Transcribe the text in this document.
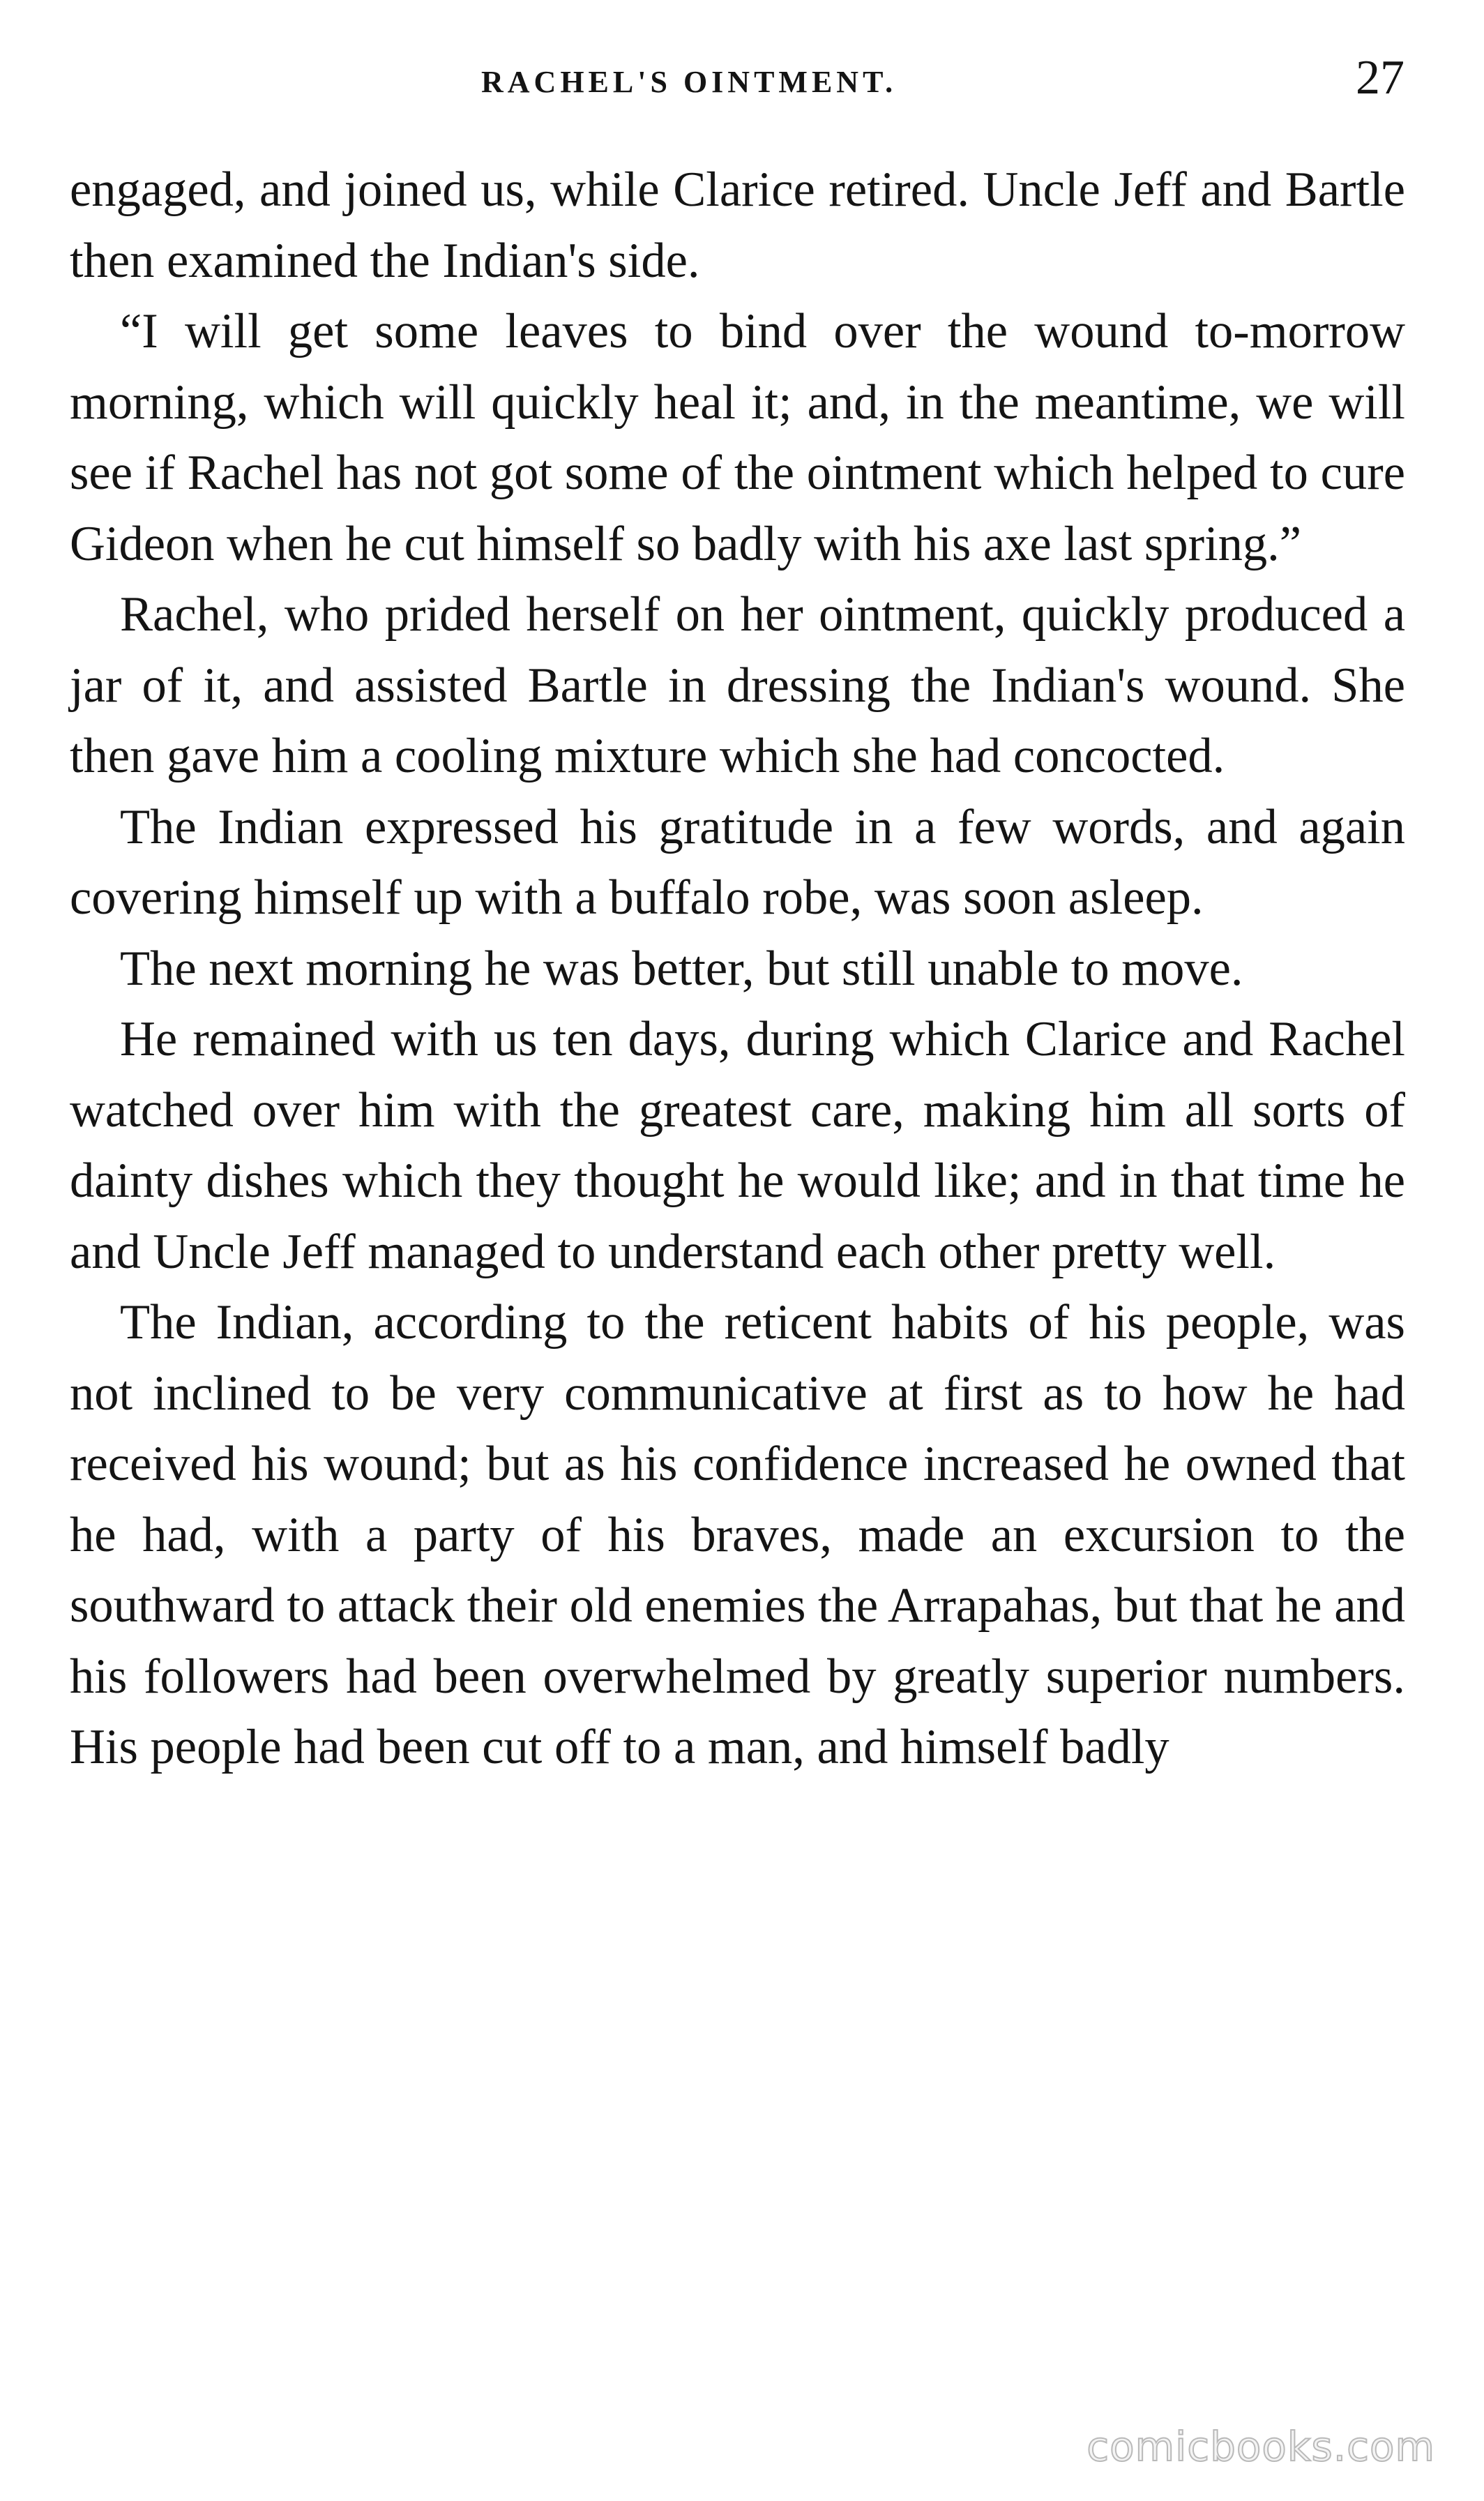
RACHEL'S OINTMENT.	27

engaged, and joined us, while Clarice retired. Uncle Jeff and Bartle then examined the Indian's side.

“I will get some leaves to bind over the wound to-morrow morning, which will quickly heal it; and, in the meantime, we will see if Rachel has not got some of the ointment which helped to cure Gideon when he cut himself so badly with his axe last spring.”

Rachel, who prided herself on her ointment, quickly produced a jar of it, and assisted Bartle in dressing the Indian's wound. She then gave him a cooling mixture which she had concocted.

The Indian expressed his gratitude in a few words, and again covering himself up with a buffalo robe, was soon asleep.

The next morning he was better, but still unable to move.

He remained with us ten days, during which Clarice and Rachel watched over him with the greatest care, making him all sorts of dainty dishes which they thought he would like; and in that time he and Uncle Jeff managed to understand each other pretty well.

The Indian, according to the reticent habits of his people, was not inclined to be very communicative at first as to how he had received his wound; but as his confidence increased he owned that he had, with a party of his braves, made an excursion to the southward to attack their old enemies the Arrapahas, but that he and his followers had been overwhelmed by greatly superior numbers. His people had been cut off to a man, and himself badly

comicbooks.com
